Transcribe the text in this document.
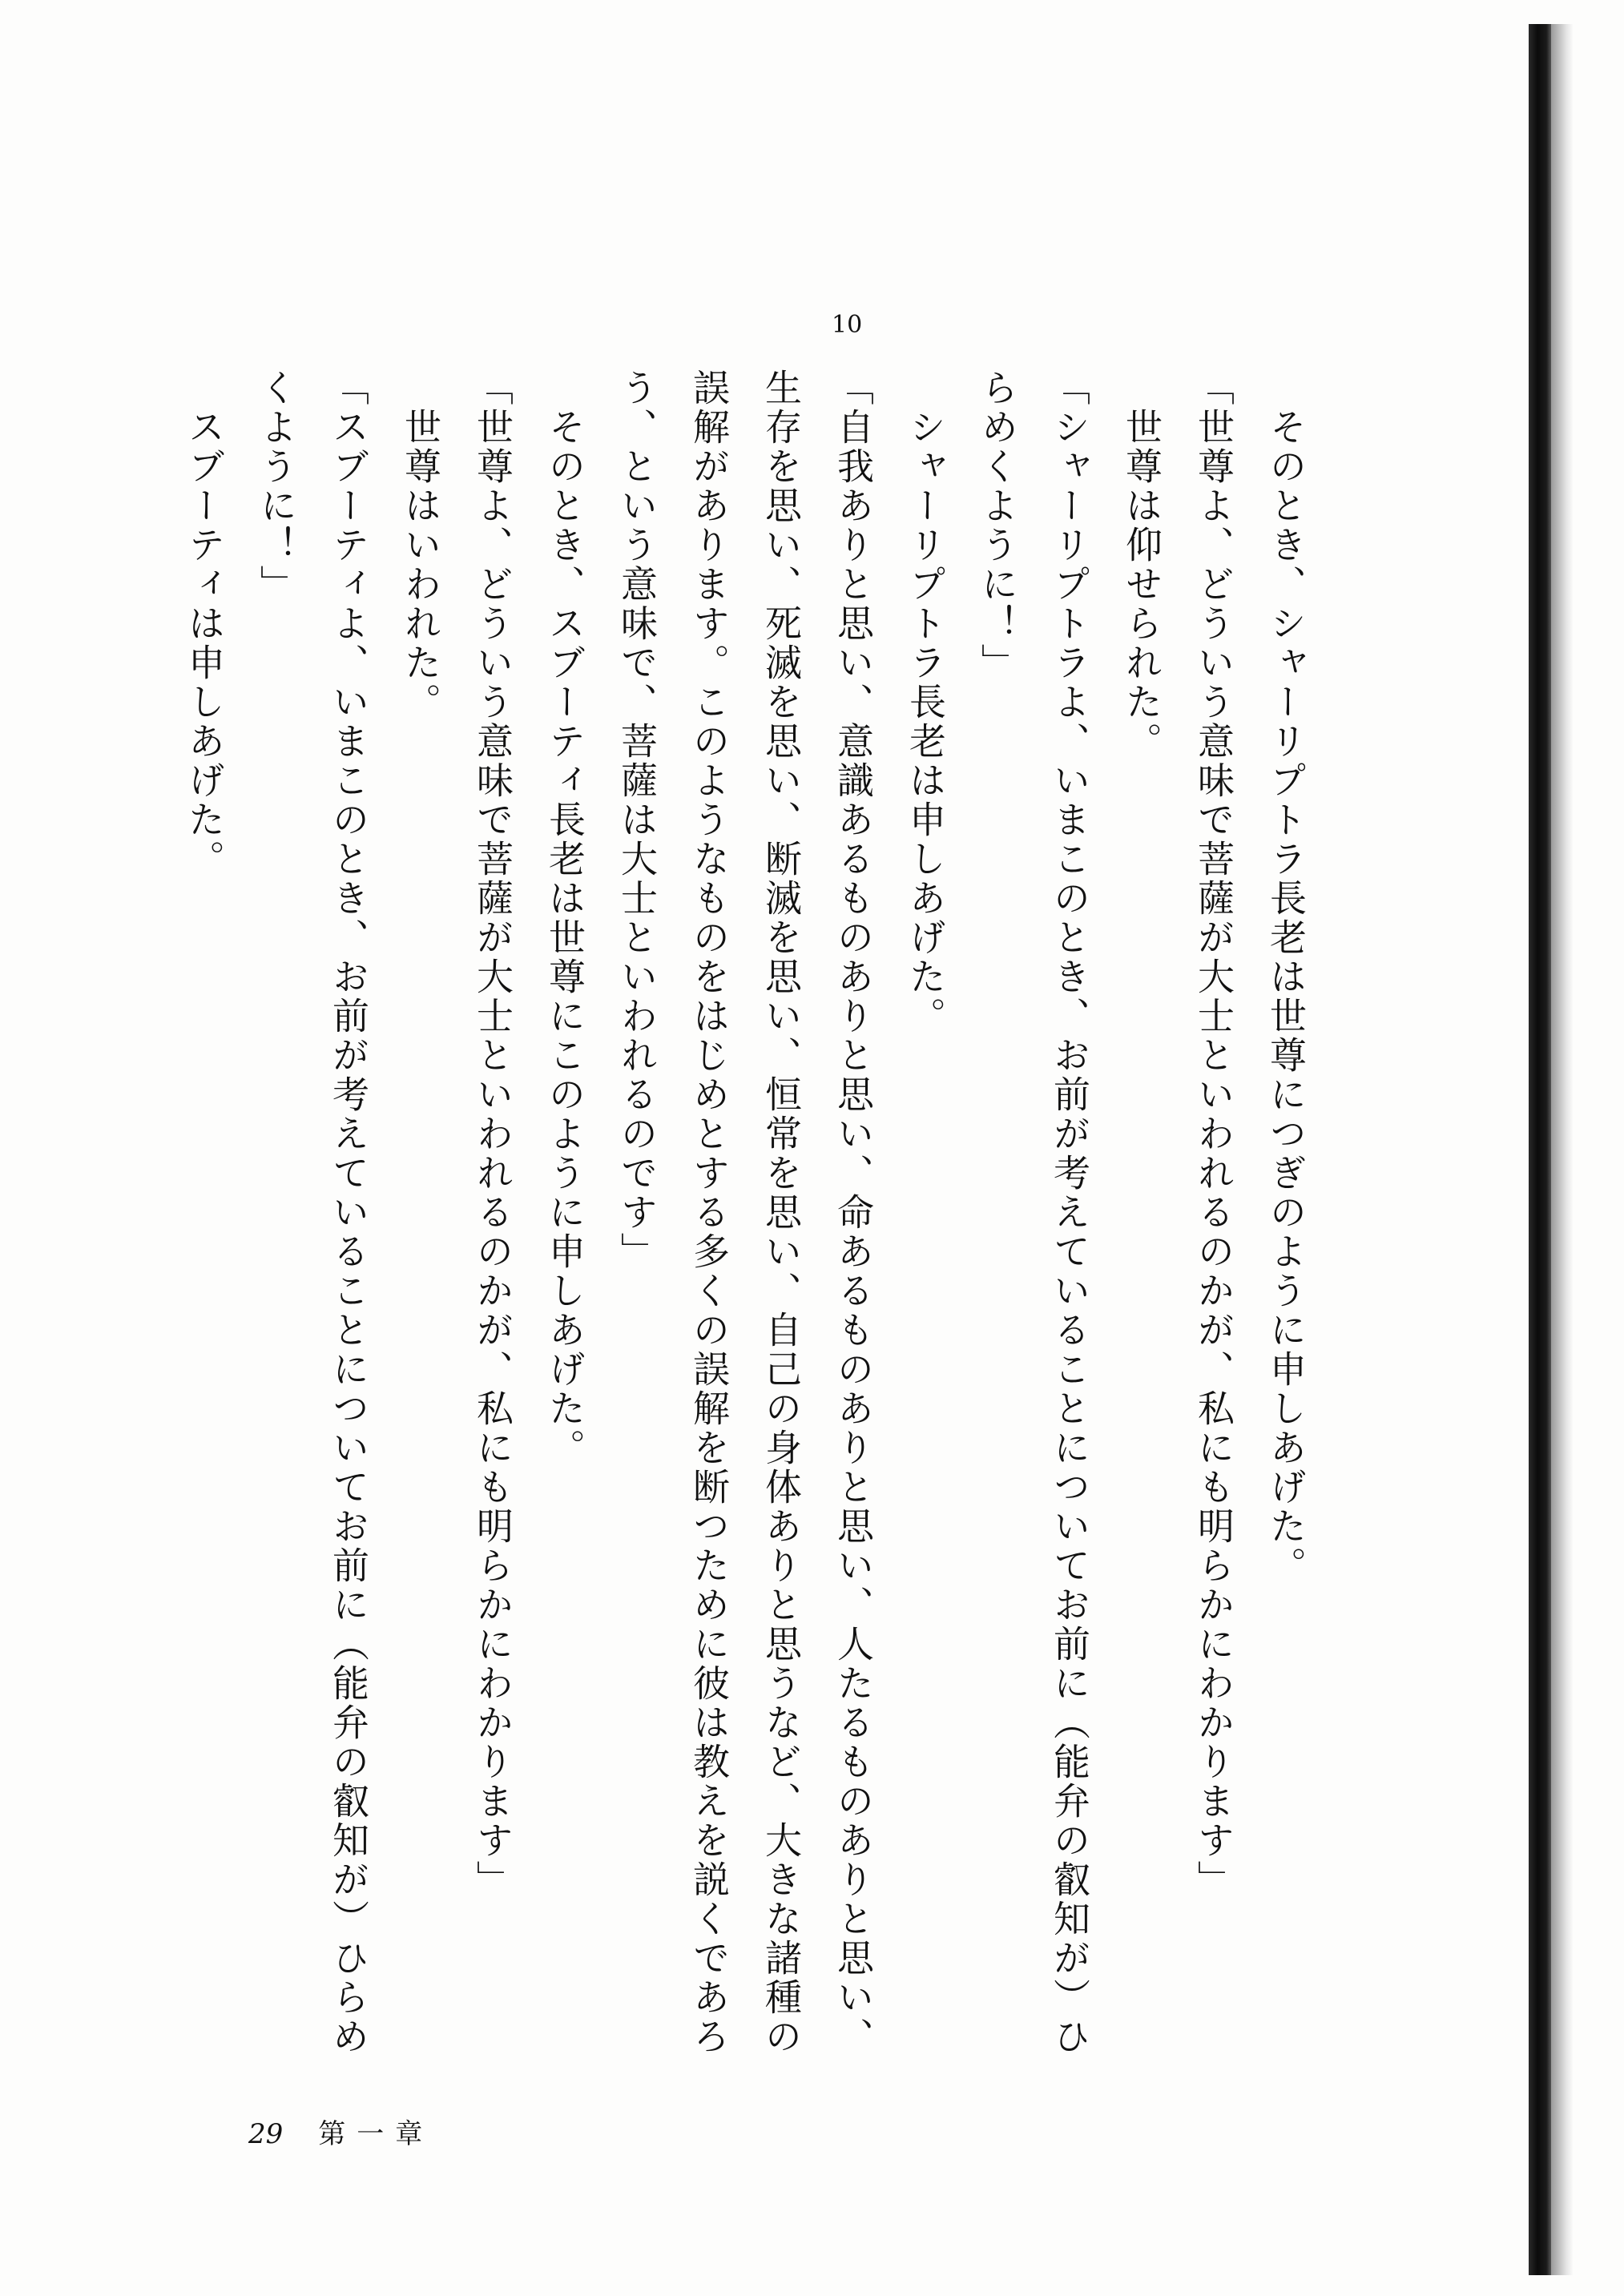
10
　そのとき、シャーリプトラ長老は世尊につぎのように申しあげた。
「世尊よ、どういう意味で菩薩が大士といわれるのかが、私にも明らかにわかります」
　世尊は仰せられた。
「シャーリプトラよ、いまこのとき、お前が考えていることについてお前に（能弁の叡知が）ひ
らめくように！」
　シャーリプトラ長老は申しあげた。
「自我ありと思い、意識あるものありと思い、命あるものありと思い、人たるものありと思い、
生存を思い、死滅を思い、断滅を思い、恒常を思い、自己の身体ありと思うなど、大きな諸種の
誤解があります。このようなものをはじめとする多くの誤解を断つために彼は教えを説くであろ
う、という意味で、菩薩は大士といわれるのです」
　そのとき、スブーティ長老は世尊にこのように申しあげた。
「世尊よ、どういう意味で菩薩が大士といわれるのかが、私にも明らかにわかります」
　世尊はいわれた。
「スブーティよ、いまこのとき、お前が考えていることについてお前に（能弁の叡知が）ひらめ
くように！」
　スブーティは申しあげた。
29 第一章
